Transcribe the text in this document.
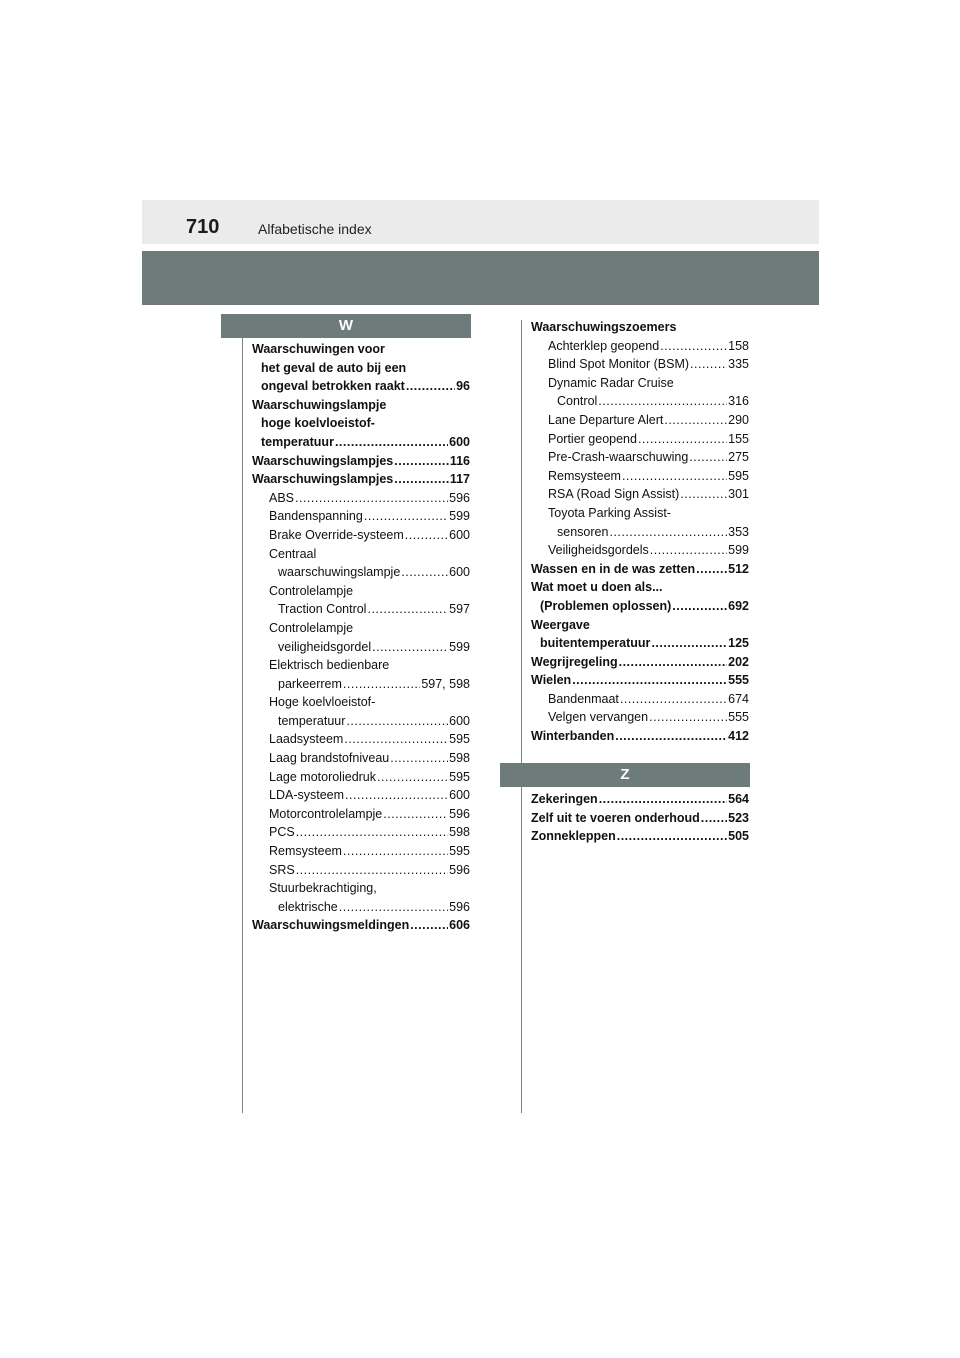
710	Alfabetische index
W
Z
Waarschuwingen voor
het geval de auto bij een
ongeval betrokken raakt .....	96
Waarschuwingslampje
hoge koelvloeistof-
temperatuur .....	600
Waarschuwingslampjes .....	116
Waarschuwingslampjes .....	117
ABS .....	596
Bandenspanning .....	599
Brake Override-systeem .....	600
Centraal
waarschuwingslampje .....	600
Controlelampje
Traction Control .....	597
Controlelampje
veiligheidsgordel .....	599
Elektrisch bedienbare
parkeerrem .....	597, 598
Hoge koelvloeistof-
temperatuur .....	600
Laadsysteem .....	595
Laag brandstofniveau .....	598
Lage motoroliedruk .....	595
LDA-systeem .....	600
Motorcontrolelampje .....	596
PCS .....	598
Remsysteem .....	595
SRS .....	596
Stuurbekrachtiging,
elektrische .....	596
Waarschuwingsmeldingen .....	606
Waarschuwingszoemers
Achterklep geopend .....	158
Blind Spot Monitor (BSM) .....	335
Dynamic Radar Cruise
Control .....	316
Lane Departure Alert .....	290
Portier geopend .....	155
Pre-Crash-waarschuwing .....	275
Remsysteem .....	595
RSA (Road Sign Assist) .....	301
Toyota Parking Assist-
sensoren .....	353
Veiligheidsgordels .....	599
Wassen en in de was zetten .....	512
Wat moet u doen als...
(Problemen oplossen) .....	692
Weergave
buitentemperatuur .....	125
Wegrijregeling .....	202
Wielen .....	555
Bandenmaat .....	674
Velgen vervangen .....	555
Winterbanden .....	412
Zekeringen .....	564
Zelf uit te voeren onderhoud ..... 523
Zonnekleppen .....	505
